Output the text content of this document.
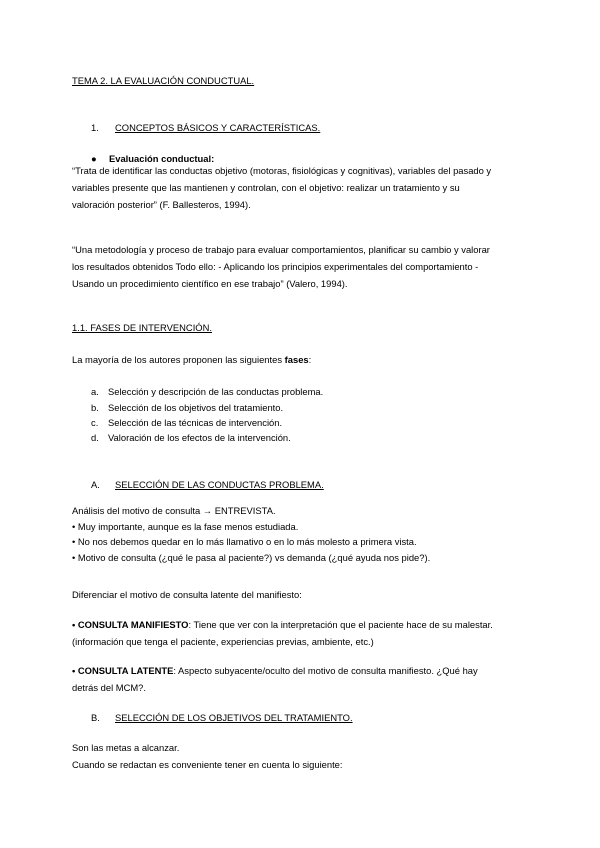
TEMA 2. LA EVALUACIÓN CONDUCTUAL.
1. CONCEPTOS BÁSICOS Y CARACTERÍSTICAS.
● Evaluación conductual:
“Trata de identificar las conductas objetivo (motoras, fisiológicas y cognitivas), variables del pasado y
variables presente que las mantienen y controlan, con el objetivo: realizar un tratamiento y su
valoración posterior” (F. Ballesteros, 1994).
“Una metodología y proceso de trabajo para evaluar comportamientos, planificar su cambio y valorar
los resultados obtenidos Todo ello: - Aplicando los principios experimentales del comportamiento -
Usando un procedimiento científico en ese trabajo” (Valero, 1994).
1.1. FASES DE INTERVENCIÓN.
La mayoría de los autores proponen las siguientes fases:
a. Selección y descripción de las conductas problema.
b. Selección de los objetivos del tratamiento.
c. Selección de las técnicas de intervención.
d. Valoración de los efectos de la intervención.
A. SELECCIÓN DE LAS CONDUCTAS PROBLEMA.
Análisis del motivo de consulta → ENTREVISTA.
• Muy importante, aunque es la fase menos estudiada.
• No nos debemos quedar en lo más llamativo o en lo más molesto a primera vista.
• Motivo de consulta (¿qué le pasa al paciente?) vs demanda (¿qué ayuda nos pide?).
Diferenciar el motivo de consulta latente del manifiesto:
• CONSULTA MANIFIESTO: Tiene que ver con la interpretación que el paciente hace de su malestar.
(información que tenga el paciente, experiencias previas, ambiente, etc.)
• CONSULTA LATENTE: Aspecto subyacente/oculto del motivo de consulta manifiesto. ¿Qué hay
detrás del MCM?.
B. SELECCIÓN DE LOS OBJETIVOS DEL TRATAMIENTO.
Son las metas a alcanzar.
Cuando se redactan es conveniente tener en cuenta lo siguiente:
